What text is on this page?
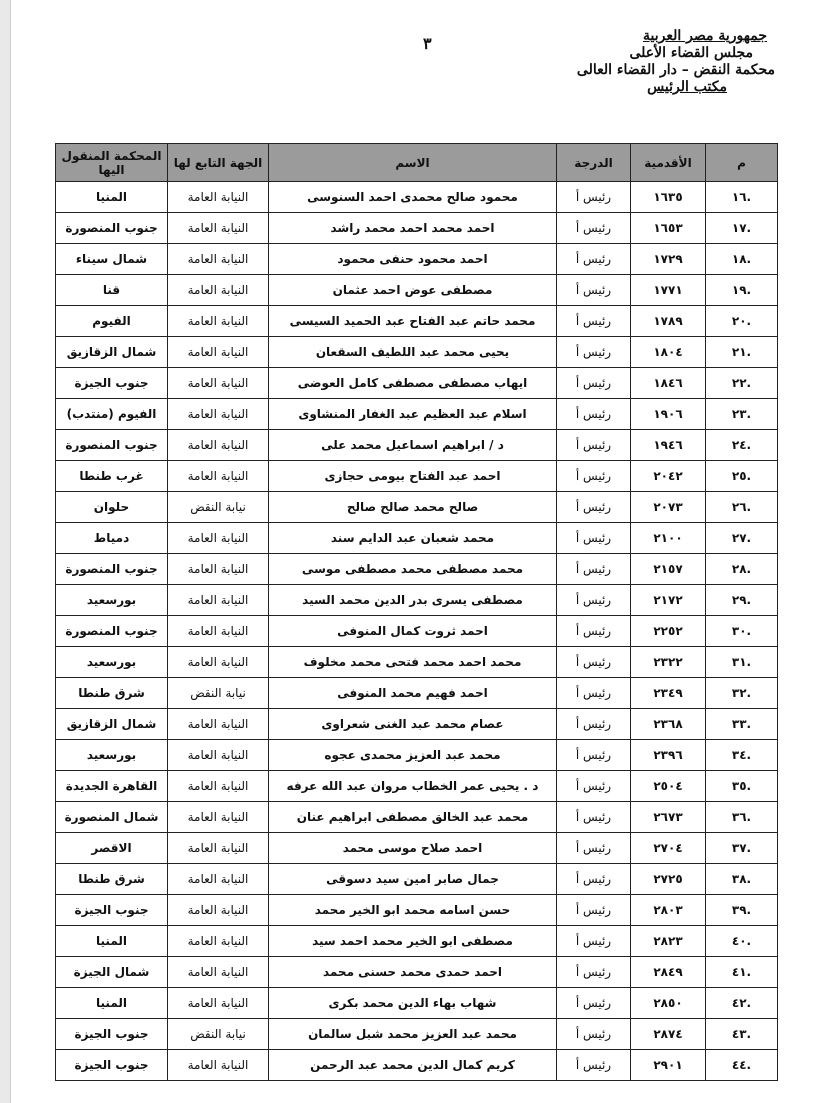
جمهورية مصر العربية
مجلس القضاء الأعلى
محكمة النقض – دار القضاء العالى
مكتب الرئيس
٣
م	الأقدمية	الدرجة	الاسم	الجهة التابع لها	المحكمة المنقول اليها
.١٦	١٦٣٥	رئيس أ	محمود صالح محمدى احمد السنوسى	النيابة العامة	المنيا
.١٧	١٦٥٣	رئيس أ	احمد محمد احمد محمد راشد	النيابة العامة	جنوب المنصورة
.١٨	١٧٢٩	رئيس أ	احمد محمود حنفى محمود	النيابة العامة	شمال سيناء
.١٩	١٧٧١	رئيس أ	مصطفى عوض احمد عثمان	النيابة العامة	قنا
.٢٠	١٧٨٩	رئيس أ	محمد حاتم عبد الفتاح عبد الحميد السيسى	النيابة العامة	الفيوم
.٢١	١٨٠٤	رئيس أ	يحيى محمد عبد اللطيف السقعان	النيابة العامة	شمال الزقازيق
.٢٢	١٨٤٦	رئيس أ	ايهاب مصطفى مصطفى كامل العوضى	النيابة العامة	جنوب الجيزة
.٢٣	١٩٠٦	رئيس أ	اسلام عبد العظيم عبد الغفار المنشاوى	النيابة العامة	الفيوم (منتدب)
.٢٤	١٩٤٦	رئيس أ	د / ابراهيم اسماعيل محمد على	النيابة العامة	جنوب المنصورة
.٢٥	٢٠٤٢	رئيس أ	احمد عبد الفتاح بيومى حجازى	النيابة العامة	غرب طنطا
.٢٦	٢٠٧٣	رئيس أ	صالح محمد صالح صالح	نيابة النقض	حلوان
.٢٧	٢١٠٠	رئيس أ	محمد شعبان عبد الدايم سند	النيابة العامة	دمياط
.٢٨	٢١٥٧	رئيس أ	محمد مصطفى محمد مصطفى موسى	النيابة العامة	جنوب المنصورة
.٢٩	٢١٧٢	رئيس أ	مصطفى يسرى بدر الدين محمد السيد	النيابة العامة	بورسعيد
.٣٠	٢٢٥٢	رئيس أ	احمد ثروت كمال المنوفى	النيابة العامة	جنوب المنصورة
.٣١	٢٣٢٢	رئيس أ	محمد احمد محمد فتحى محمد مخلوف	النيابة العامة	بورسعيد
.٣٢	٢٣٤٩	رئيس أ	احمد فهيم محمد المنوفى	نيابة النقض	شرق طنطا
.٣٣	٢٣٦٨	رئيس أ	عصام محمد عبد الغنى شعراوى	النيابة العامة	شمال الزقازيق
.٣٤	٢٣٩٦	رئيس أ	محمد عبد العزيز محمدى عجوه	النيابة العامة	بورسعيد
.٣٥	٢٥٠٤	رئيس أ	د . يحيى عمر الخطاب مروان عبد الله عرفه	النيابة العامة	القاهرة الجديدة
.٣٦	٢٦٧٣	رئيس أ	محمد عبد الخالق مصطفى ابراهيم عنان	النيابة العامة	شمال المنصورة
.٣٧	٢٧٠٤	رئيس أ	احمد صلاح موسى محمد	النيابة العامة	الاقصر
.٣٨	٢٧٢٥	رئيس أ	جمال صابر امين سيد دسوقى	النيابة العامة	شرق طنطا
.٣٩	٢٨٠٣	رئيس أ	حسن اسامه محمد ابو الخير محمد	النيابة العامة	جنوب الجيزة
.٤٠	٢٨٢٣	رئيس أ	مصطفى ابو الخير محمد احمد سيد	النيابة العامة	المنيا
.٤١	٢٨٤٩	رئيس أ	احمد حمدى محمد حسنى محمد	النيابة العامة	شمال الجيزة
.٤٢	٢٨٥٠	رئيس أ	شهاب بهاء الدين محمد بكرى	النيابة العامة	المنيا
.٤٣	٢٨٧٤	رئيس أ	محمد عبد العزيز محمد شبل سالمان	نيابة النقض	جنوب الجيزة
.٤٤	٢٩٠١	رئيس أ	كريم كمال الدين محمد عبد الرحمن	النيابة العامة	جنوب الجيزة
